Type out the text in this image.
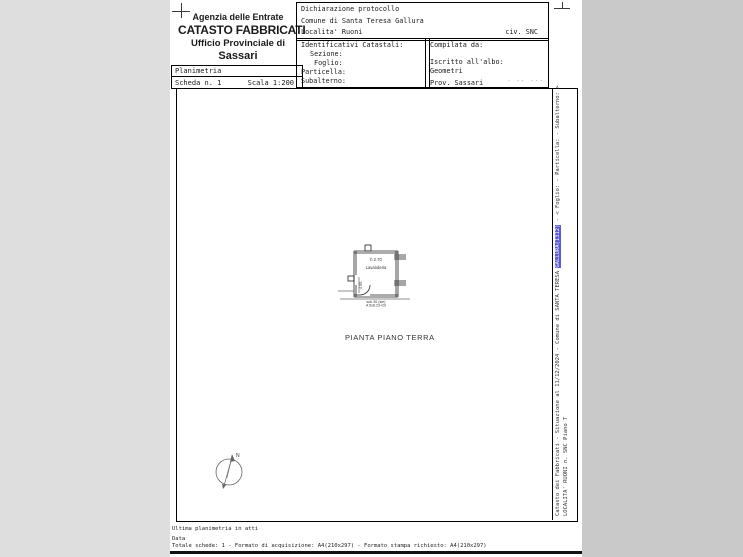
Agenzia delle Entrate
CATASTO FABBRICATI
Ufficio Provinciale di
Sassari
Planimetria
Scheda n. 1	Scala 1:200
Dichiarazione protocollo
Comune di Santa Teresa Gallura
Localita' Ruoni	civ. SNC
Identificativi Catastali:
Sezione:
Foglio:
Particella:
Subalterno:
Compilata da:
Iscritto all'albo:
Geometri
Prov. Sassari	. .. ...
Catasto dei Fabbricati - Situazione al 11/12/2024 - Comune di SANTA TERESA GALLURA(I312) - < Foglio: - Particella: - Subalterno: >
LOCALITA' RUONI n. SNC Piano T
h 2.70
Lavanderia
4.95
sub 30 (sm)
A 5x8.23+20
PIANTA PIANO TERRA
N
Ultima planimetria in atti
Data
Totale schede: 1 - Formato di acquisizione: A4(210x297) - Formato stampa richiesto: A4(210x297)
